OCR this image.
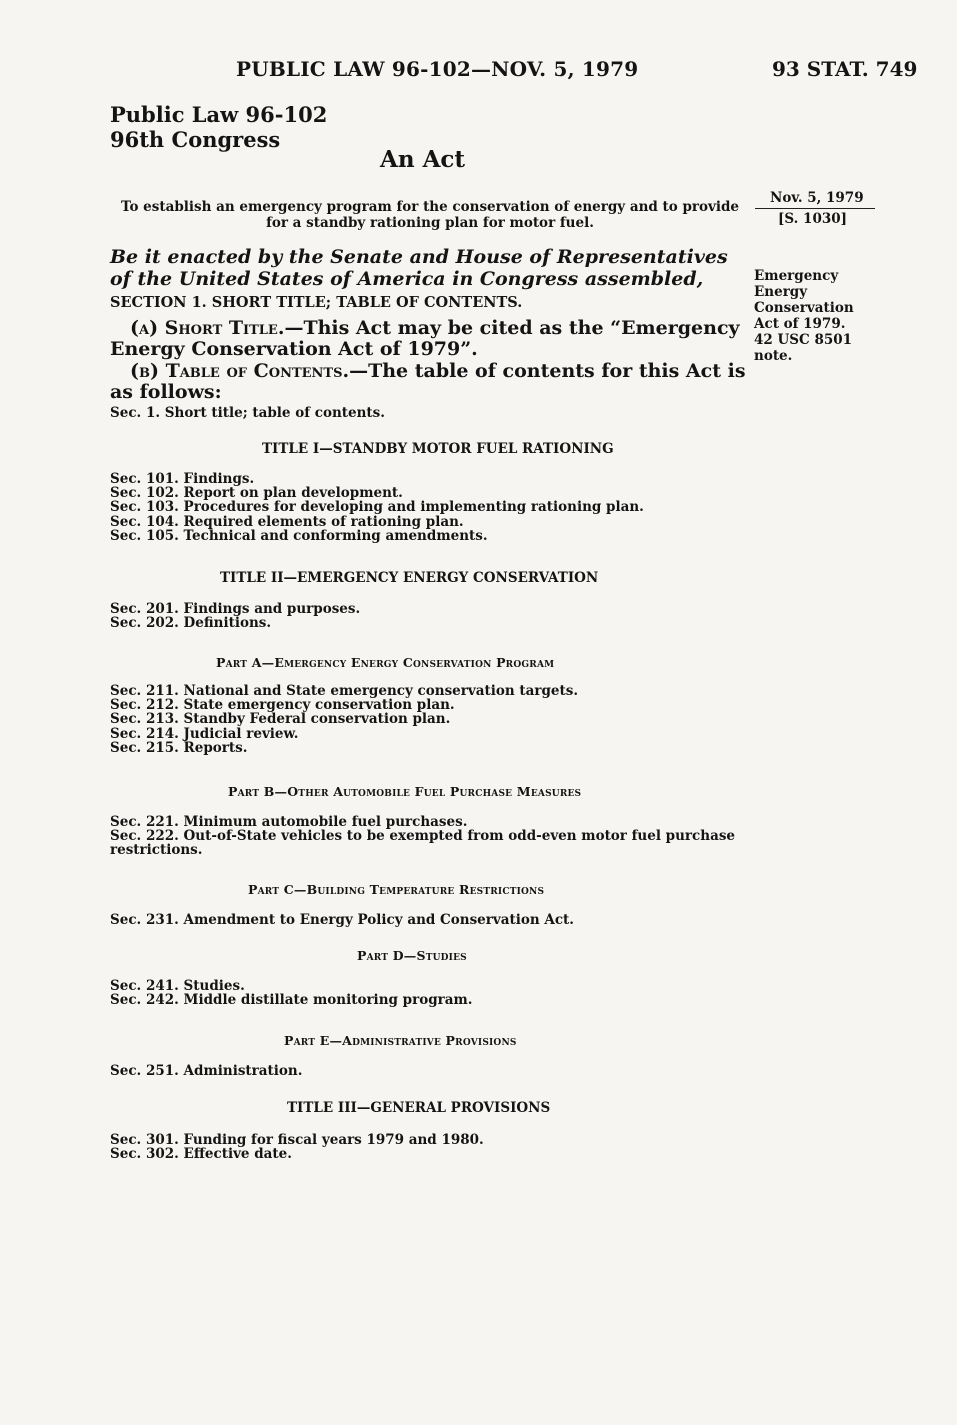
PUBLIC LAW 96-102—NOV. 5, 1979	93 STAT. 749
Public Law 96-102
96th Congress
An Act
To establish an emergency program for the conservation of energy and to provide
for a standby rationing plan for motor fuel.
Nov. 5, 1979
[S. 1030]
Be it enacted by the Senate and House of Representatives of the United States of America in Congress assembled,	Emergency Energy Conservation Act of 1979. 42 USC 8501 note.
SECTION 1. SHORT TITLE; TABLE OF CONTENTS.
(a) Short Title.—This Act may be cited as the “Emergency Energy Conservation Act of 1979”.
(b) Table of Contents.—The table of contents for this Act is as follows:
Sec. 1. Short title; table of contents.
TITLE I—STANDBY MOTOR FUEL RATIONING
Sec. 101. Findings.
Sec. 102. Report on plan development.
Sec. 103. Procedures for developing and implementing rationing plan.
Sec. 104. Required elements of rationing plan.
Sec. 105. Technical and conforming amendments.
TITLE II—EMERGENCY ENERGY CONSERVATION
Sec. 201. Findings and purposes.
Sec. 202. Definitions.
Part A—Emergency Energy Conservation Program
Sec. 211. National and State emergency conservation targets.
Sec. 212. State emergency conservation plan.
Sec. 213. Standby Federal conservation plan.
Sec. 214. Judicial review.
Sec. 215. Reports.
Part B—Other Automobile Fuel Purchase Measures
Sec. 221. Minimum automobile fuel purchases.
Sec. 222. Out-of-State vehicles to be exempted from odd-even motor fuel purchase restrictions.
Part C—Building Temperature Restrictions
Sec. 231. Amendment to Energy Policy and Conservation Act.
Part D—Studies
Sec. 241. Studies.
Sec. 242. Middle distillate monitoring program.
Part E—Administrative Provisions
Sec. 251. Administration.
TITLE III—GENERAL PROVISIONS
Sec. 301. Funding for fiscal years 1979 and 1980.
Sec. 302. Effective date.
